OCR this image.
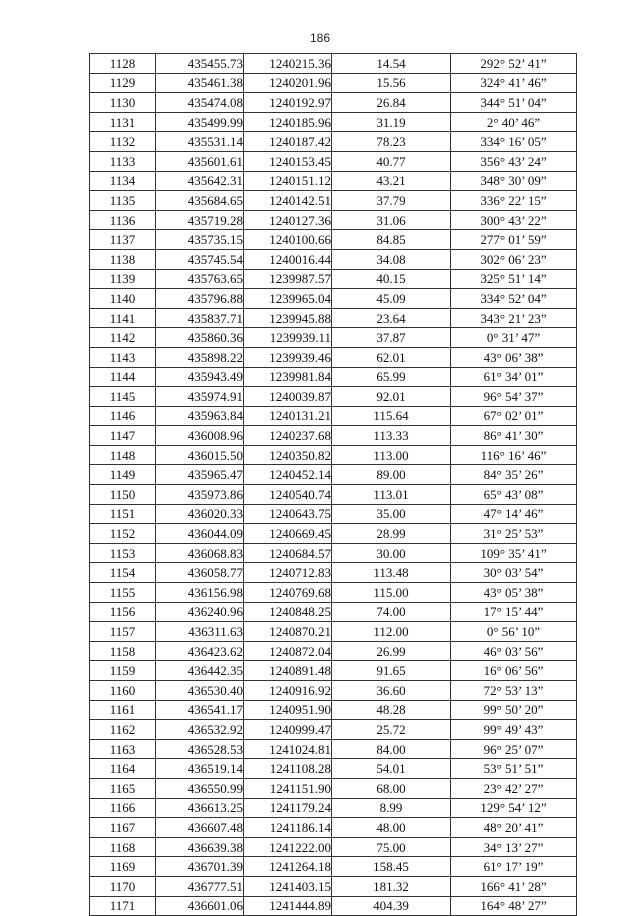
186
1128	435455.73	1240215.36	14.54	292° 52’ 41”
1129	435461.38	1240201.96	15.56	324° 41’ 46”
1130	435474.08	1240192.97	26.84	344° 51’ 04”
1131	435499.99	1240185.96	31.19	2° 40’ 46”
1132	435531.14	1240187.42	78.23	334° 16’ 05”
1133	435601.61	1240153.45	40.77	356° 43’ 24”
1134	435642.31	1240151.12	43.21	348° 30’ 09”
1135	435684.65	1240142.51	37.79	336° 22’ 15”
1136	435719.28	1240127.36	31.06	300° 43’ 22”
1137	435735.15	1240100.66	84.85	277° 01’ 59”
1138	435745.54	1240016.44	34.08	302° 06’ 23”
1139	435763.65	1239987.57	40.15	325° 51’ 14”
1140	435796.88	1239965.04	45.09	334° 52’ 04”
1141	435837.71	1239945.88	23.64	343° 21’ 23”
1142	435860.36	1239939.11	37.87	0° 31’ 47”
1143	435898.22	1239939.46	62.01	43° 06’ 38”
1144	435943.49	1239981.84	65.99	61° 34’ 01”
1145	435974.91	1240039.87	92.01	96° 54’ 37”
1146	435963.84	1240131.21	115.64	67° 02’ 01”
1147	436008.96	1240237.68	113.33	86° 41’ 30”
1148	436015.50	1240350.82	113.00	116° 16’ 46”
1149	435965.47	1240452.14	89.00	84° 35’ 26”
1150	435973.86	1240540.74	113.01	65° 43’ 08”
1151	436020.33	1240643.75	35.00	47° 14’ 46”
1152	436044.09	1240669.45	28.99	31° 25’ 53”
1153	436068.83	1240684.57	30.00	109° 35’ 41”
1154	436058.77	1240712.83	113.48	30° 03’ 54”
1155	436156.98	1240769.68	115.00	43° 05’ 38”
1156	436240.96	1240848.25	74.00	17° 15’ 44”
1157	436311.63	1240870.21	112.00	0° 56’ 10”
1158	436423.62	1240872.04	26.99	46° 03’ 56”
1159	436442.35	1240891.48	91.65	16° 06’ 56”
1160	436530.40	1240916.92	36.60	72° 53’ 13”
1161	436541.17	1240951.90	48.28	99° 50’ 20”
1162	436532.92	1240999.47	25.72	99° 49’ 43”
1163	436528.53	1241024.81	84.00	96° 25’ 07”
1164	436519.14	1241108.28	54.01	53° 51’ 51”
1165	436550.99	1241151.90	68.00	23° 42’ 27”
1166	436613.25	1241179.24	8.99	129° 54’ 12”
1167	436607.48	1241186.14	48.00	48° 20’ 41”
1168	436639.38	1241222.00	75.00	34° 13’ 27”
1169	436701.39	1241264.18	158.45	61° 17’ 19”
1170	436777.51	1241403.15	181.32	166° 41’ 28”
1171	436601.06	1241444.89	404.39	164° 48’ 27”
